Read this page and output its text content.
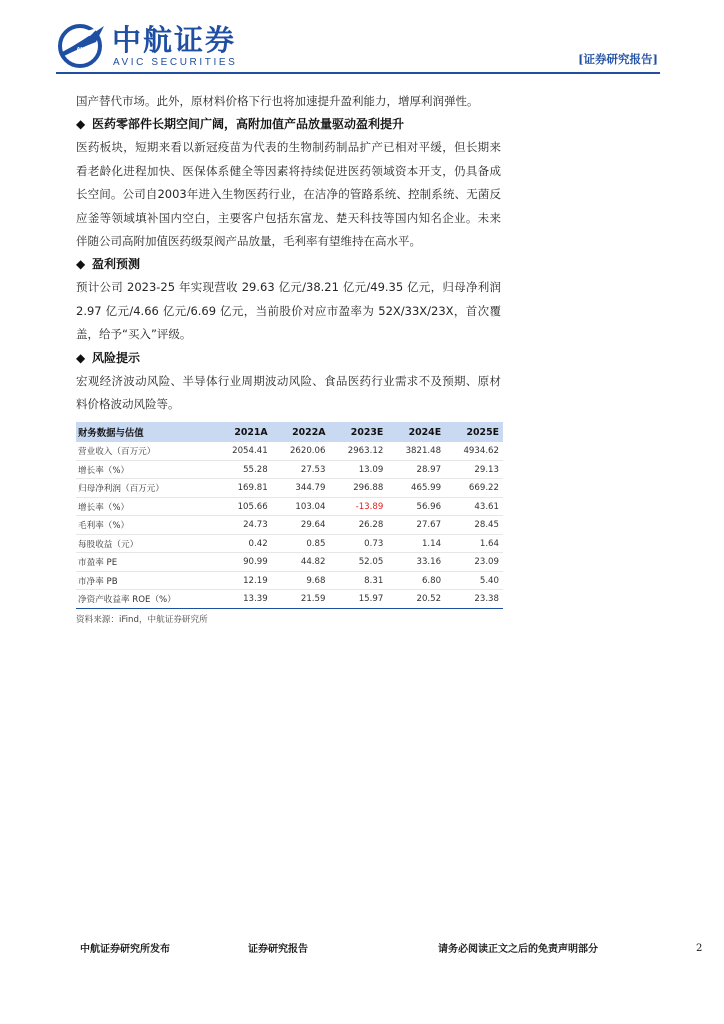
AVIC 中航证券
AVIC SECURITIES	[证券研究报告]

国产替代市场。此外，原材料价格下行也将加速提升盈利能力，增厚利润弹性。

◆ 医药零部件长期空间广阔，高附加值产品放量驱动盈利提升

医药板块，短期来看以新冠疫苗为代表的生物制药制品扩产已相对平缓，但长期来看老龄化进程加快、医保体系健全等因素将持续促进医药领域资本开支，仍具备成长空间。公司自2003年进入生物医药行业，在洁净的管路系统、控制系统、无菌反应釜等领域填补国内空白，主要客户包括东富龙、楚天科技等国内知名企业。未来伴随公司高附加值医药级泵阀产品放量，毛利率有望维持在高水平。

◆ 盈利预测

预计公司 2023-25 年实现营收 29.63 亿元/38.21 亿元/49.35 亿元，归母净利润 2.97 亿元/4.66 亿元/6.69 亿元，当前股价对应市盈率为 52X/33X/23X，首次覆盖，给予“买入”评级。

◆ 风险提示

宏观经济波动风险、半导体行业周期波动风险、食品医药行业需求不及预期、原材料价格波动风险等。

财务数据与估值	2021A	2022A	2023E	2024E	2025E
营业收入（百万元）	2054.41	2620.06	2963.12	3821.48	4934.62
增长率（%）	55.28	27.53	13.09	28.97	29.13
归母净利润（百万元）	169.81	344.79	296.88	465.99	669.22
增长率（%）	105.66	103.04	-13.89	56.96	43.61
毛利率（%）	24.73	29.64	26.28	27.67	28.45
每股收益（元）	0.42	0.85	0.73	1.14	1.64
市盈率 PE	90.99	44.82	52.05	33.16	23.09
市净率 PB	12.19	9.68	8.31	6.80	5.40
净资产收益率 ROE（%）	13.39	21.59	15.97	20.52	23.38
资料来源：iFind，中航证券研究所
中航证券研究所发布	证券研究报告	请务必阅读正文之后的免责声明部分	2
